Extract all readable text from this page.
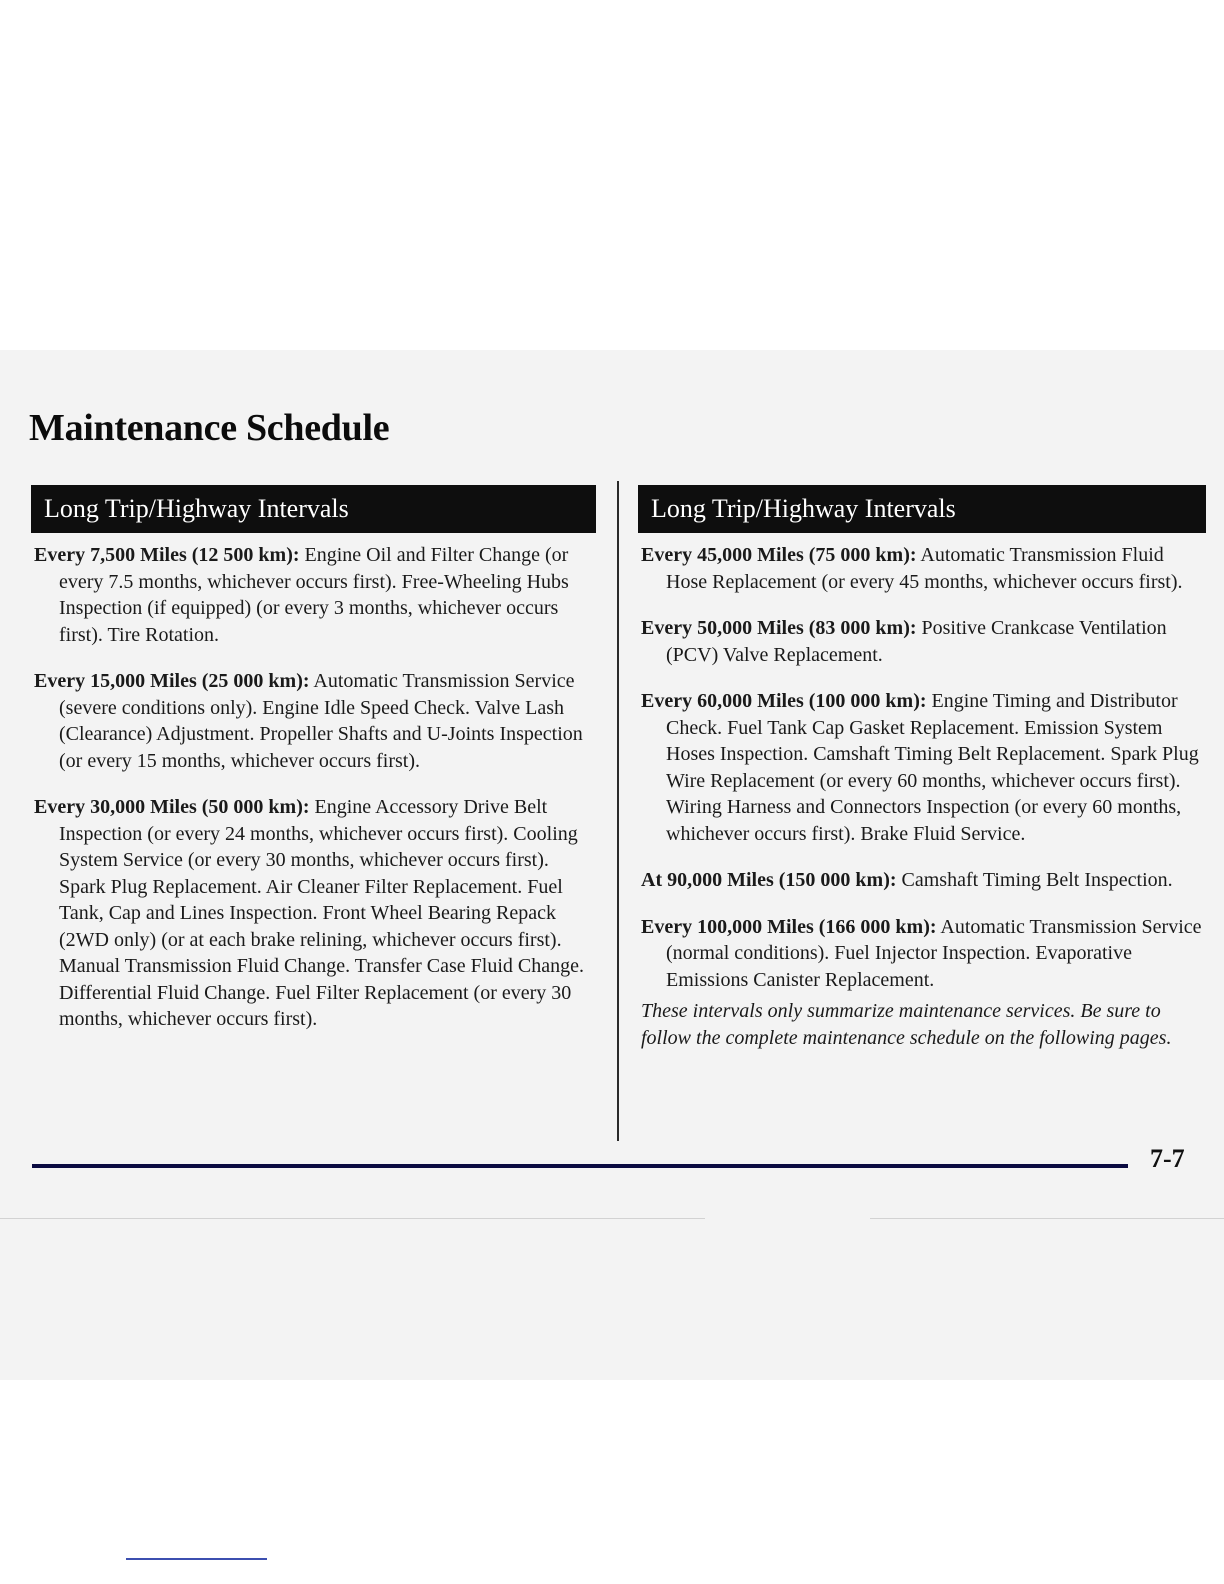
Maintenance Schedule
Long Trip/Highway Intervals

Every 7,500 Miles (12 500 km): Engine Oil and Filter Change (or every 7.5 months, whichever occurs first). Free-Wheeling Hubs Inspection (if equipped) (or every 3 months, whichever occurs first). Tire Rotation.

Every 15,000 Miles (25 000 km): Automatic Transmission Service (severe conditions only). Engine Idle Speed Check. Valve Lash (Clearance) Adjustment. Propeller Shafts and U-Joints Inspection (or every 15 months, whichever occurs first).

Every 30,000 Miles (50 000 km): Engine Accessory Drive Belt Inspection (or every 24 months, whichever occurs first). Cooling System Service (or every 30 months, whichever occurs first). Spark Plug Replacement. Air Cleaner Filter Replacement. Fuel Tank, Cap and Lines Inspection. Front Wheel Bearing Repack (2WD only) (or at each brake relining, whichever occurs first). Manual Transmission Fluid Change. Transfer Case Fluid Change. Differential Fluid Change. Fuel Filter Replacement (or every 30 months, whichever occurs first).

Long Trip/Highway Intervals

Every 45,000 Miles (75 000 km): Automatic Transmission Fluid Hose Replacement (or every 45 months, whichever occurs first).

Every 50,000 Miles (83 000 km): Positive Crankcase Ventilation (PCV) Valve Replacement.

Every 60,000 Miles (100 000 km): Engine Timing and Distributor Check. Fuel Tank Cap Gasket Replacement. Emission System Hoses Inspection. Camshaft Timing Belt Replacement. Spark Plug Wire Replacement (or every 60 months, whichever occurs first). Wiring Harness and Connectors Inspection (or every 60 months, whichever occurs first). Brake Fluid Service.

At 90,000 Miles (150 000 km): Camshaft Timing Belt Inspection.

Every 100,000 Miles (166 000 km): Automatic Transmission Service (normal conditions). Fuel Injector Inspection. Evaporative Emissions Canister Replacement.

These intervals only summarize maintenance services. Be sure to follow the complete maintenance schedule on the following pages.

7-7
